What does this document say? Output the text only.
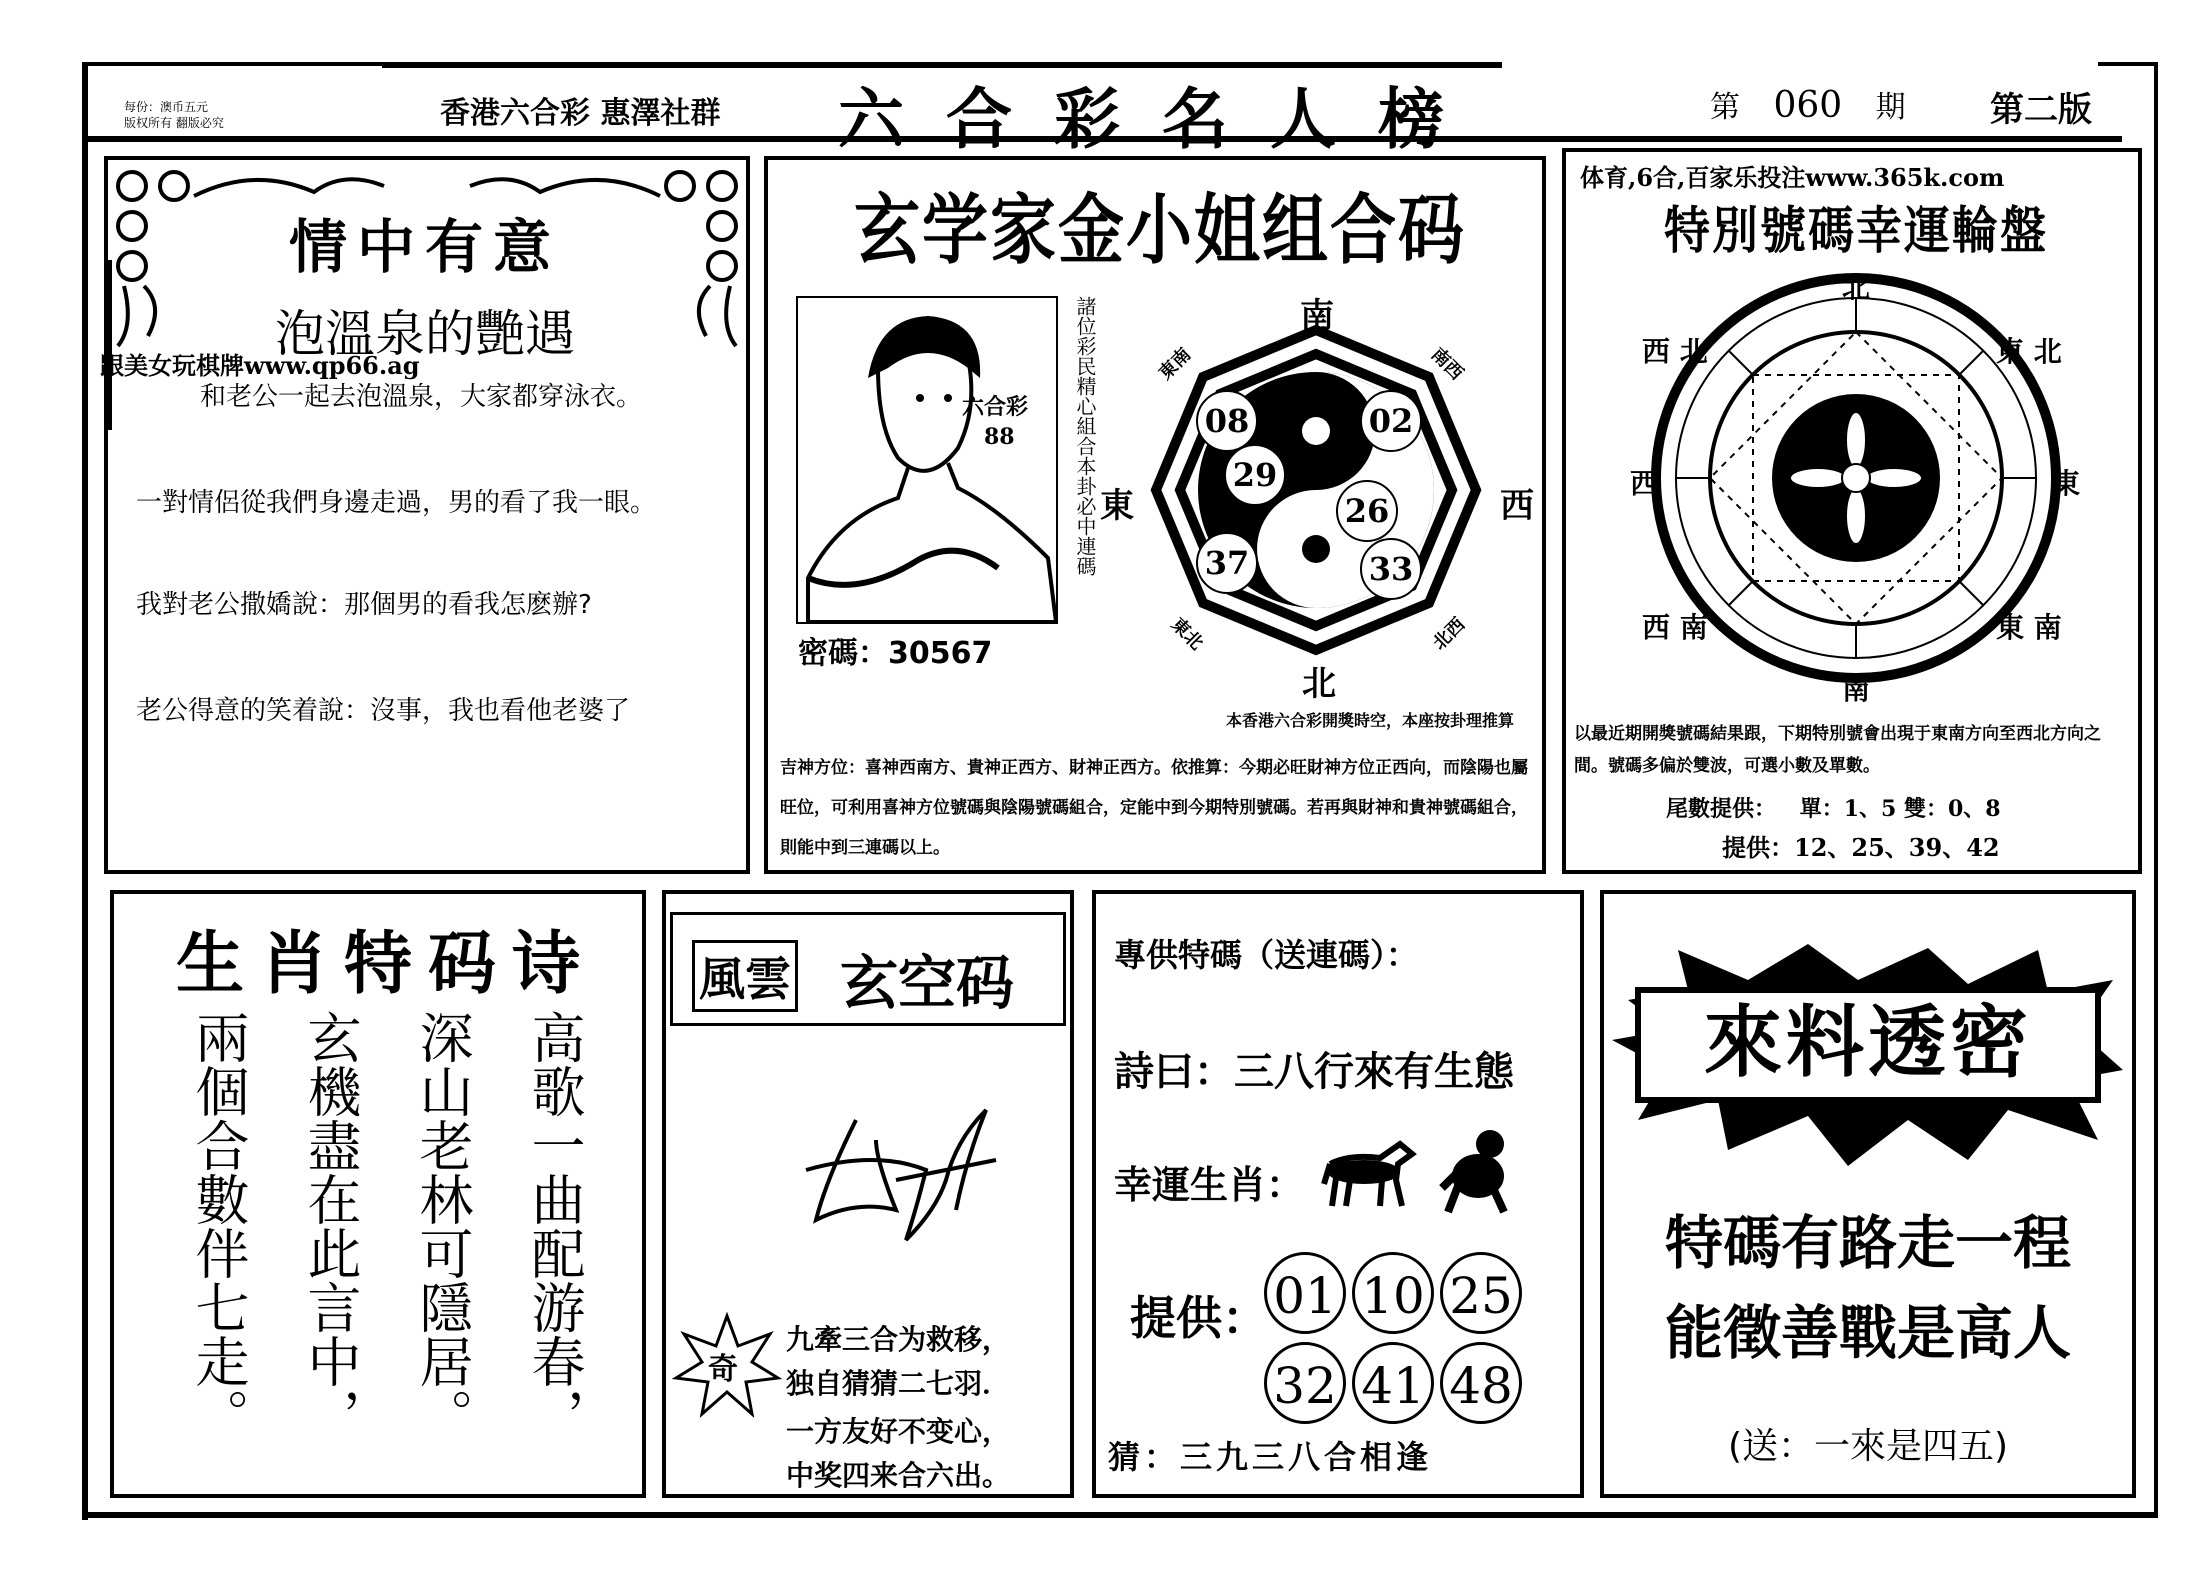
每份：澳币五元
版权所有 翻版必究	香港六合彩 惠澤社群 六合彩名人榜	第 060 期 第二版
情中有意
泡溫泉的艷遇
跟美女玩棋牌www.qp66.ag
和老公一起去泡溫泉，大家都穿泳衣。
一對情侶從我們身邊走過，男的看了我一眼。
我對老公撒嬌說：那個男的看我怎麽辦?
老公得意的笑着說：沒事，我也看他老婆了
玄学家金小姐组合码
六合彩
88	諸位彩民精心組合本卦必中連碼
密碼：30567
南
北
東	西
東南	南西
東北	北西
08	02
29
26
37	33
本香港六合彩開獎時空，本座按卦理推算
吉神方位：喜神西南方、貴神正西方、財神正西方。依推算：今期必旺財神方位正西向，而陰陽也屬旺位，可利用喜神方位號碼與陰陽號碼組合，定能中到今期特別號碼。若再與財神和貴神號碼組合，則能中到三連碼以上。
体育,6合,百家乐投注www.365k.com
特別號碼幸運輪盤
北
南
西	東
西 北	東 北
西 南	東 南
以最近期開獎號碼結果跟，下期特別號會出現于東南方向至西北方向之間。號碼多偏於雙波，可選小數及單數。
尾數提供： 單：1、5 雙：0、8
提供：12、25、39、42
生肖特码诗
兩個合數伴七走。 玄機盡在此言中， 深山老林可隱居。 高歌一曲配游春，
風雲 玄空码
奇
九牽三合为救移，
独自猜猜二七羽．
一方友好不变心，
中奖四来合六出。
專供特碼（送連碼）：
詩曰：三八行來有生態
幸運生肖：
提供： 01 10 25
32 41 48
猜：三九三八合相逢
來料透密
特碼有路走一程
能徵善戰是高人
(送：一來是四五)
